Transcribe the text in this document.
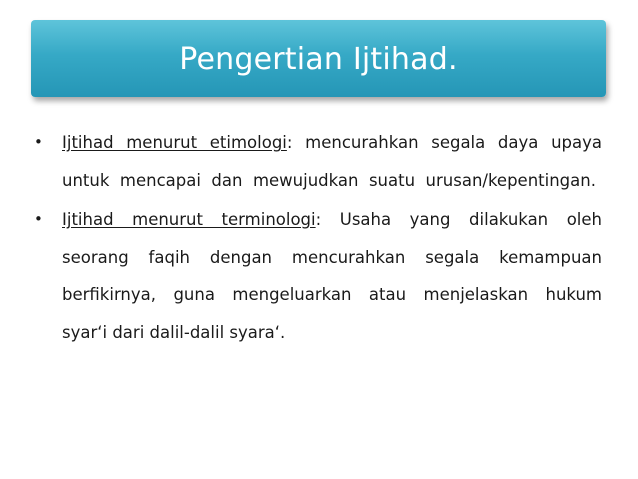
Pengertian Ijtihad.
• Ijtihad  menurut  etimologi:  mencurahkan  segala  daya  upaya  untuk  mencapai  dan  mewujudkan  suatu  urusan/kepentingan.
• Ijtihad  menurut  terminologi:  Usaha  yang  dilakukan  oleh  seorang  faqih  dengan  mencurahkan  segala  kemampuan  berfikirnya,  guna  mengeluarkan  atau  menjelaskan  hukum syar‘i dari dalil-dalil syara‘.
